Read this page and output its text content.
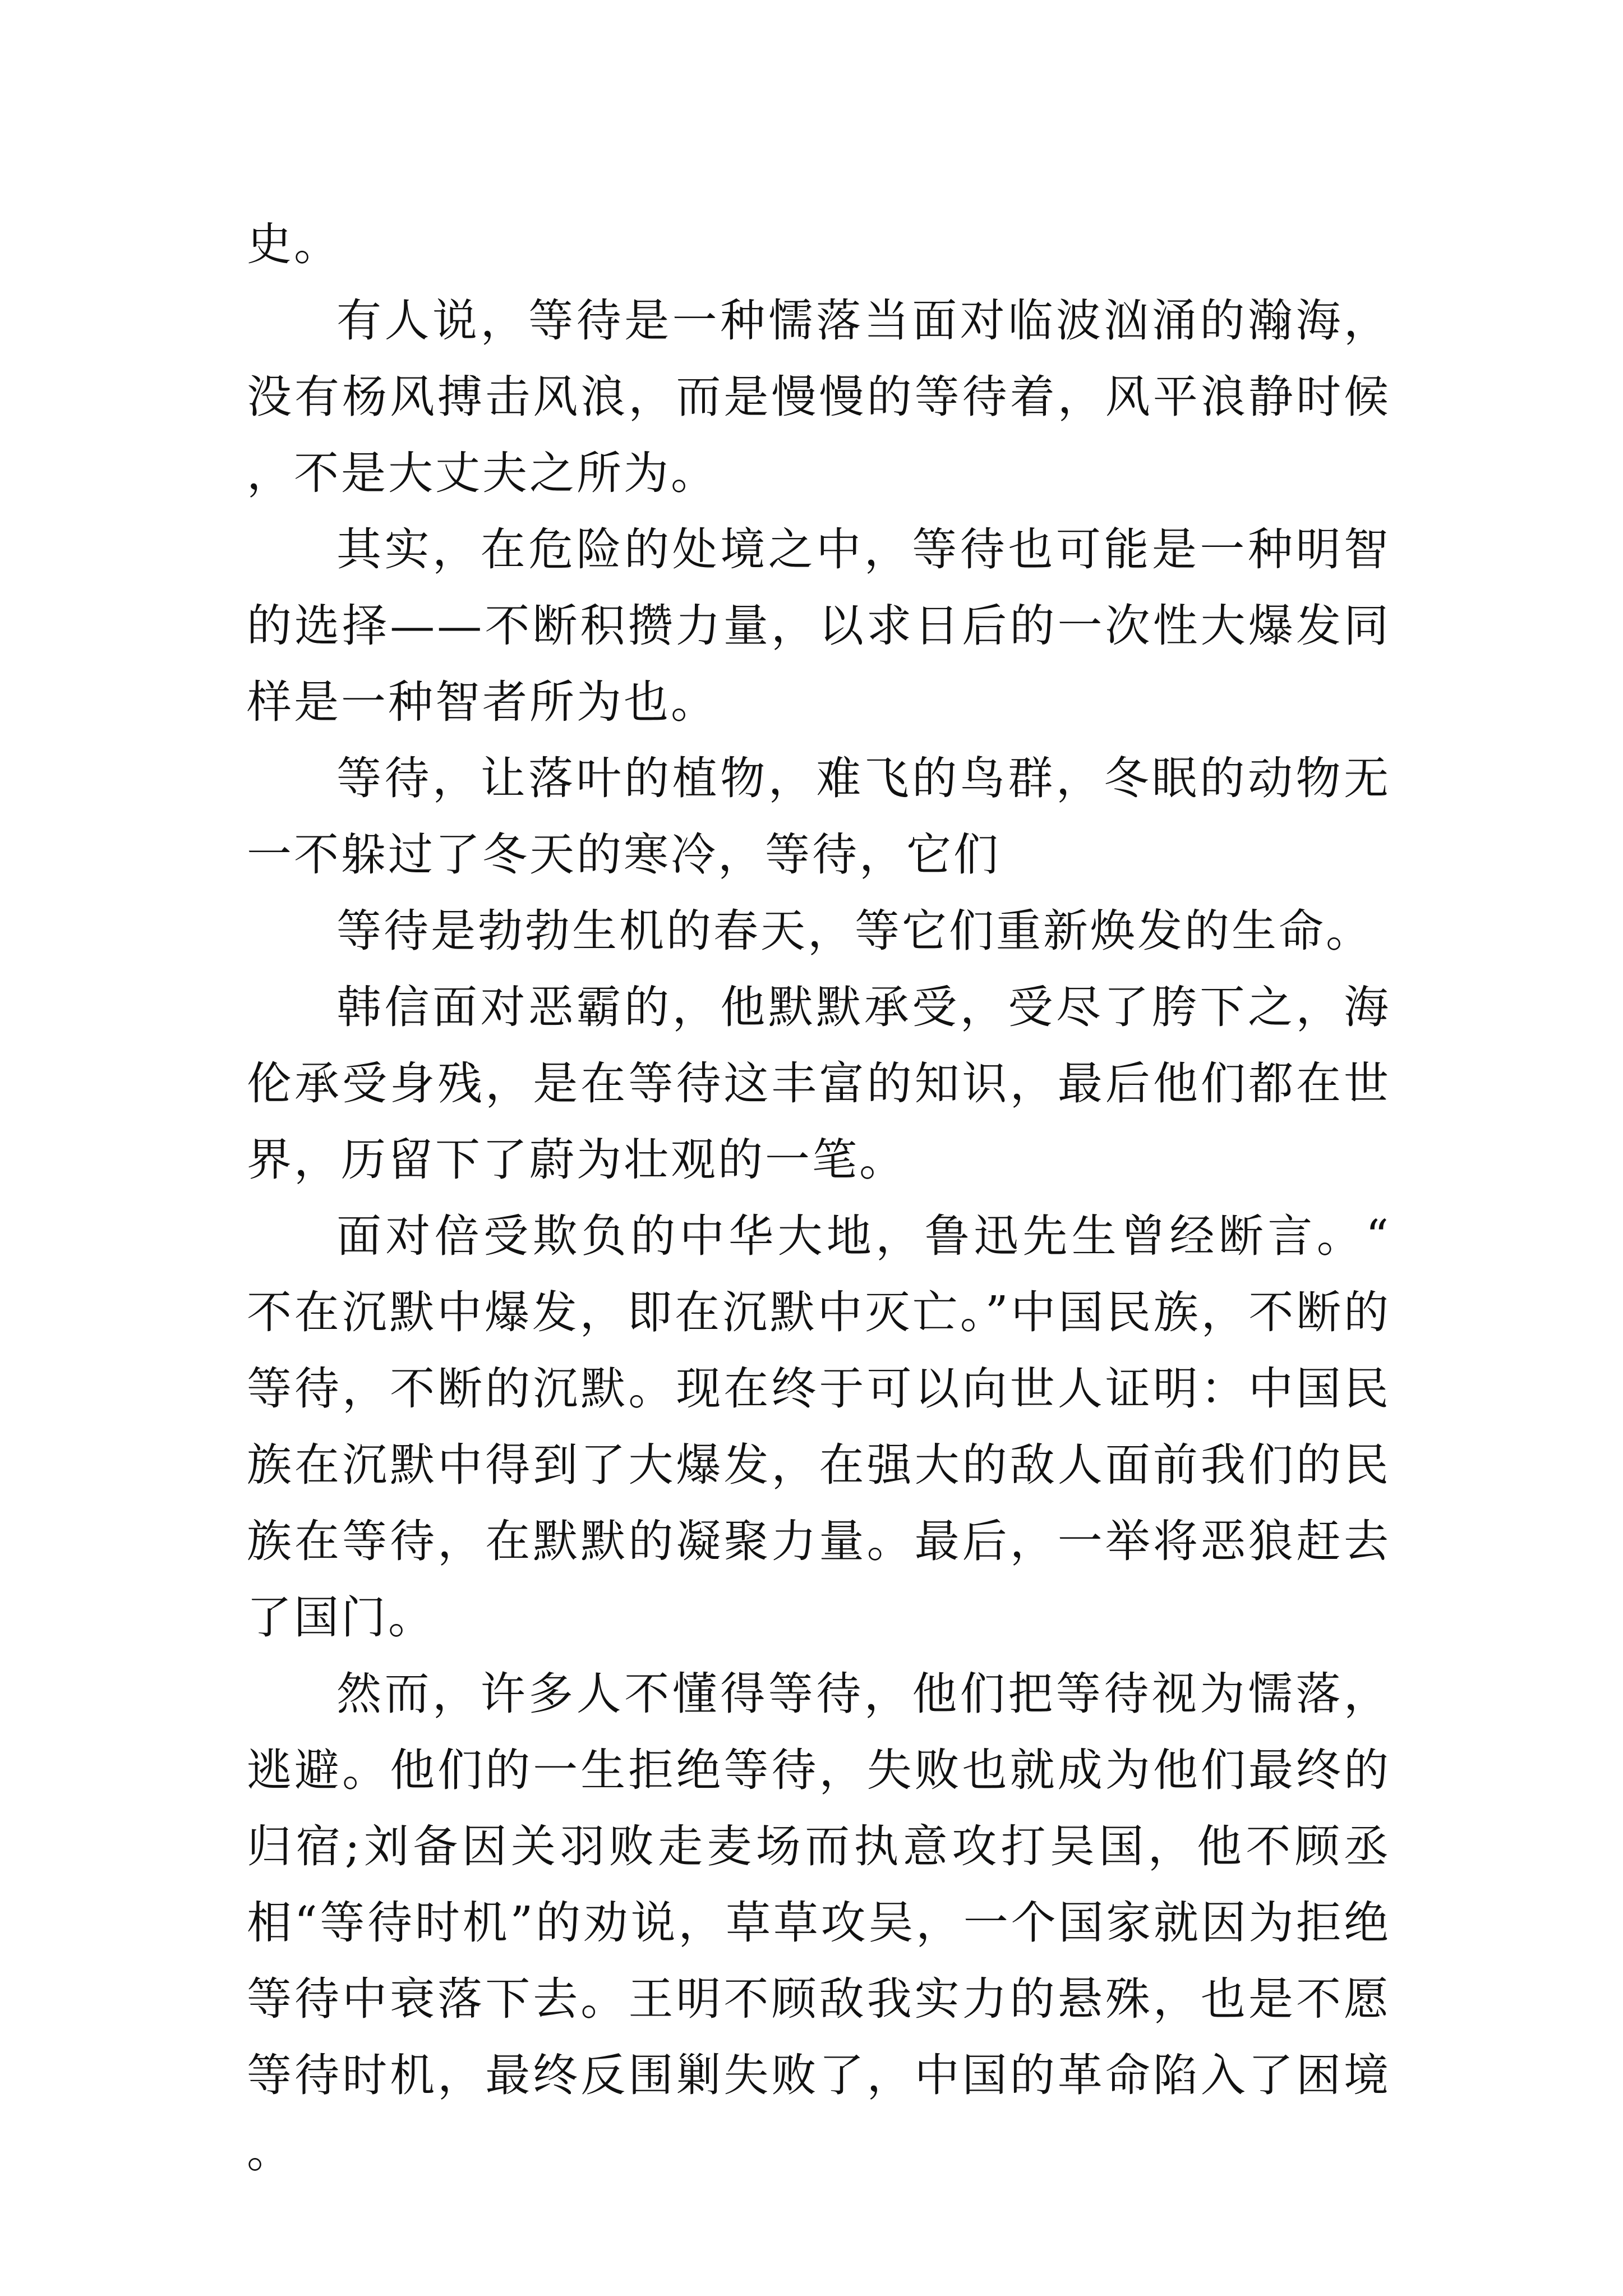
史。

有人说，等待是一种懦落当面对临波汹涌的瀚海，没有杨风搏击风浪，而是慢慢的等待着，风平浪静时候，不是大丈夫之所为。

其实，在危险的处境之中，等待也可能是一种明智的选择——不断积攒力量，以求日后的一次性大爆发同样是一种智者所为也。

等待，让落叶的植物，难飞的鸟群，冬眠的动物无一不躲过了冬天的寒冷，等待，它们

等待是勃勃生机的春天，等它们重新焕发的生命。

韩信面对恶霸的，他默默承受，受尽了胯下之，海伦承受身残，是在等待这丰富的知识，最后他们都在世界，历留下了蔚为壮观的一笔。

面对倍受欺负的中华大地，鲁迅先生曾经断言。“不在沉默中爆发，即在沉默中灭亡。”中国民族，不断的等待，不断的沉默。现在终于可以向世人证明：中国民族在沉默中得到了大爆发，在强大的敌人面前我们的民族在等待，在默默的凝聚力量。最后，一举将恶狼赶去了国门。

然而，许多人不懂得等待，他们把等待视为懦落，逃避。他们的一生拒绝等待，失败也就成为他们最终的归宿;刘备因关羽败走麦场而执意攻打吴国，他不顾丞相“等待时机”的劝说，草草攻吴，一个国家就因为拒绝等待中衰落下去。王明不顾敌我实力的悬殊，也是不愿等待时机，最终反围剿失败了，中国的革命陷入了困境。
